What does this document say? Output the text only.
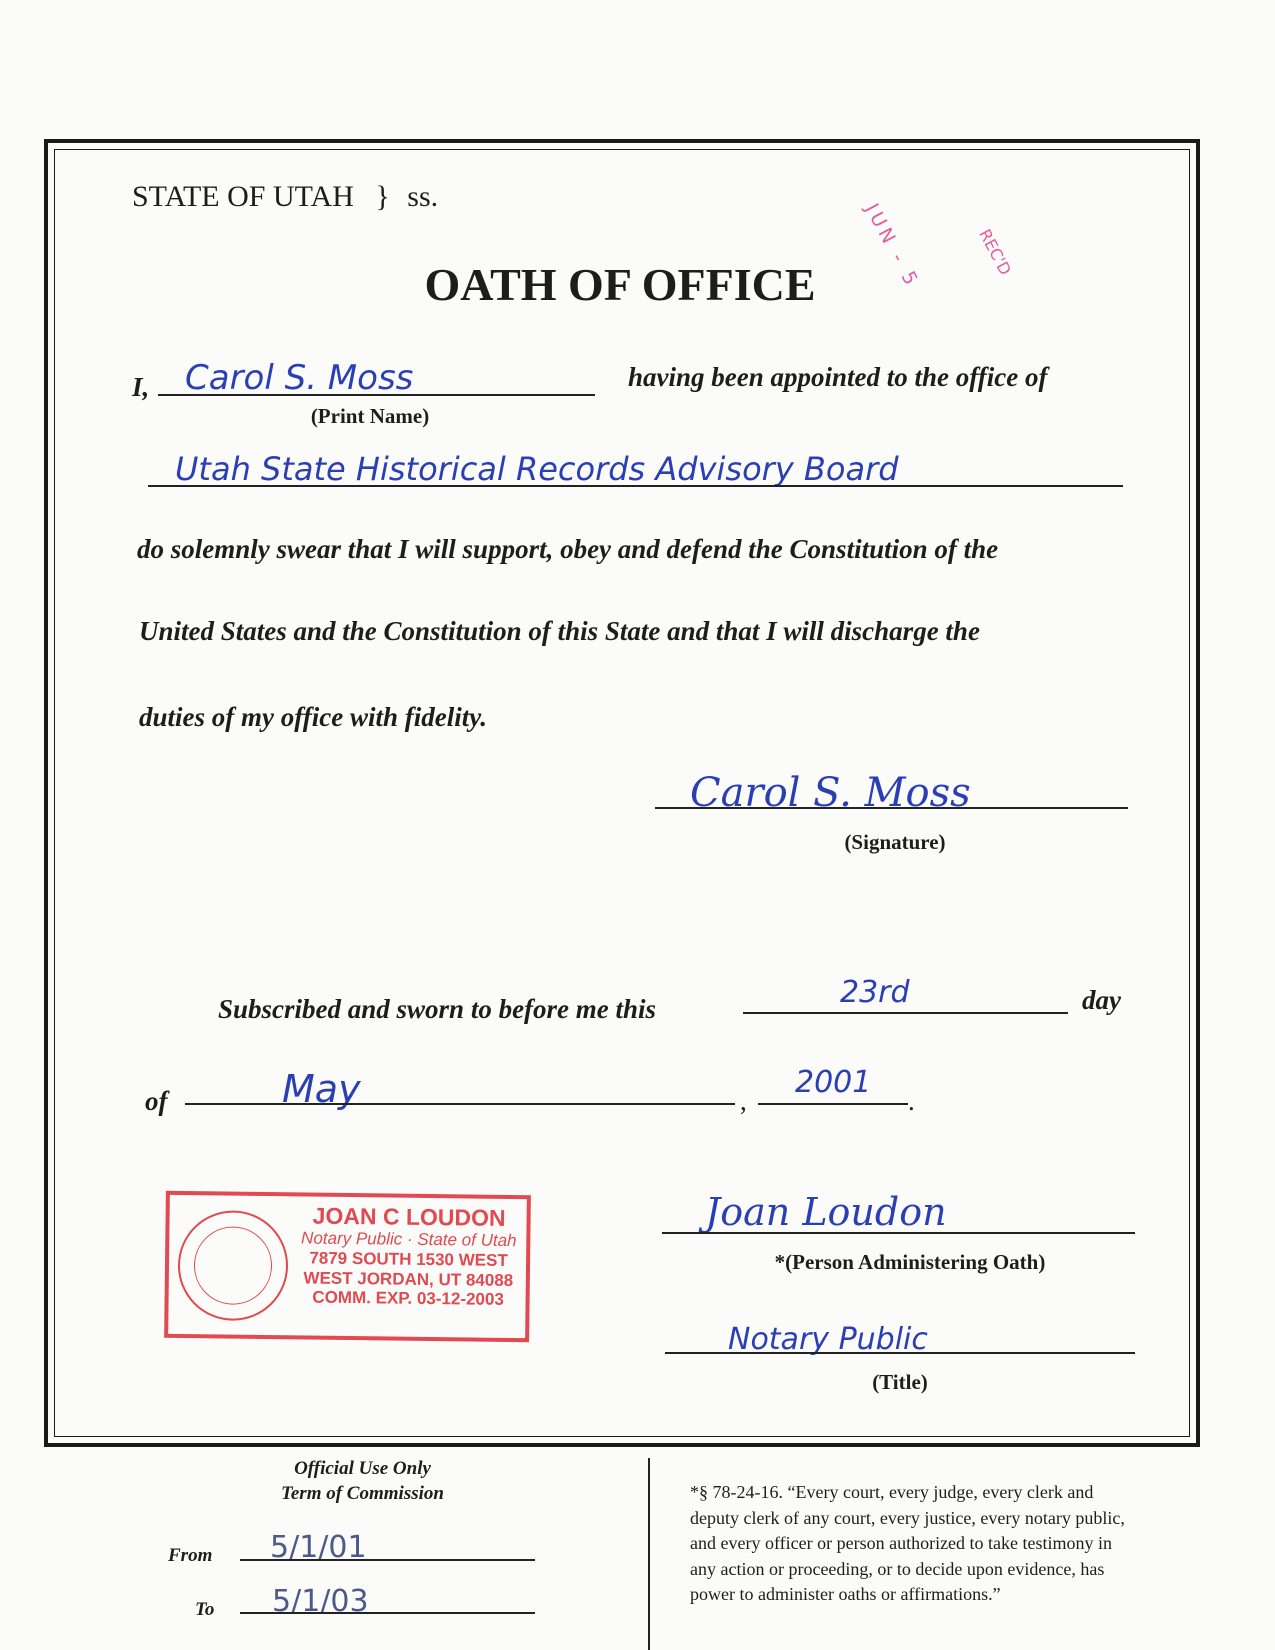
STATE OF UTAH } ss.
JUN - 5	REC'D
OATH OF OFFICE
I, Carol S. Moss
(Print Name)
having been appointed to the office of
Utah State Historical Records Advisory Board
do solemnly swear that I will support, obey and defend the Constitution of the
United States and the Constitution of this State and that I will discharge the
duties of my office with fidelity.
Carol S. Moss
(Signature)
Subscribed and sworn to before me this	23rd	day
of	May	,
2001
.
JOAN C LOUDON
Notary Public · State of Utah
7879 SOUTH 1530 WEST
WEST JORDAN, UT 84088
COMM. EXP. 03-12-2003
Joan Loudon
*(Person Administering Oath)
Notary Public
(Title)
Official Use Only
Term of Commission
From 5/1/01
To 5/1/03
*§ 78-24-16. “Every court, every judge, every clerk and
deputy clerk of any court, every justice, every notary public,
and every officer or person authorized to take testimony in
any action or proceeding, or to decide upon evidence, has
power to administer oaths or affirmations.”
